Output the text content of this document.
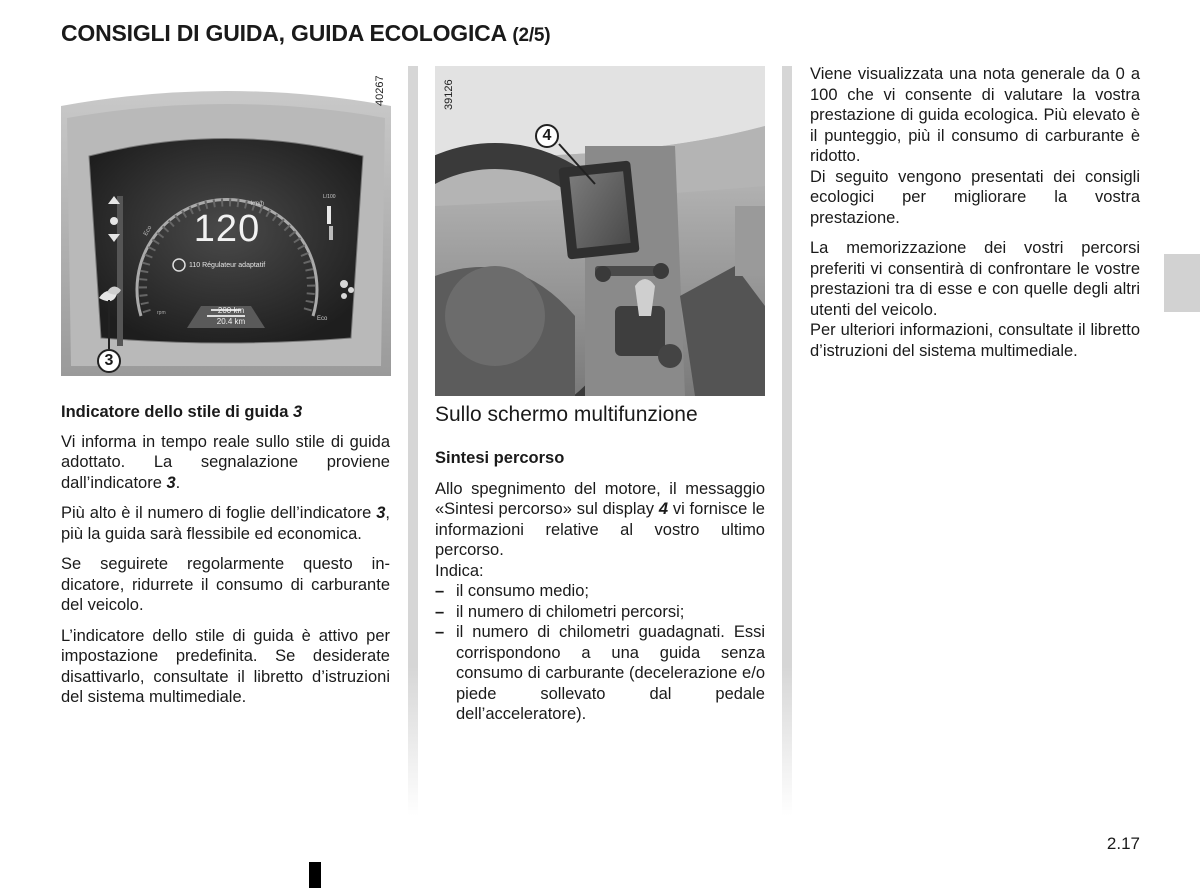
CONSIGLI DI GUIDA, GUIDA ECOLOGICA (2/5)
120
km/h
110 Régulateur adaptatif
200 km
20.4 km
L/100
Eco
Eco
rpm
3
40267
4
39126
Indicatore dello stile di guida 3

Vi informa in tempo reale sullo stile di guida adottato. La segnalazione proviene dall’indicatore 3.

Più alto è il numero di foglie dell’indicatore 3, più la guida sarà flessibile ed economica.

Se seguirete regolarmente questo indicatore, ridurrete il consumo di carburante del veicolo.

L’indicatore dello stile di guida è attivo per impostazione predefinita. Se desiderate disattivarlo, consultate il libretto d’istruzioni del sistema multimediale.

Sullo schermo multifunzione
Sintesi percorso

Allo spegnimento del motore, il messaggio «Sintesi percorso» sul display 4 vi fornisce le informazioni relative al vostro ultimo percorso.

Indica:

– il consumo medio;
– il numero di chilometri percorsi;
– il numero di chilometri guadagnati. Essi corrispondono a una guida senza consumo di carburante (decelerazione e/o piede sollevato dal pedale dell’acceleratore).

Viene visualizzata una nota generale da 0 a 100 che vi consente di valutare la vostra prestazione di guida ecologica. Più elevato è il punteggio, più il consumo di carburante è ridotto.

Di seguito vengono presentati dei consigli ecologici per migliorare la vostra prestazione.

La memorizzazione dei vostri percorsi preferiti vi consentirà di confrontare le vostre prestazioni tra di esse e con quelle degli altri utenti del veicolo.

Per ulteriori informazioni, consultate il libretto d’istruzioni del sistema multimediale.

2.17
